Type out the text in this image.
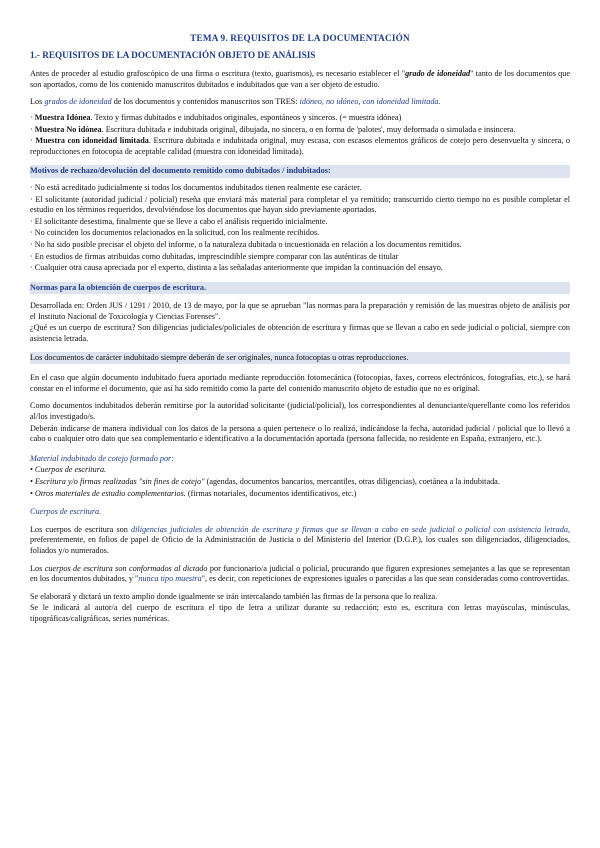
TEMA 9. REQUISITOS DE LA DOCUMENTACIÓN
1.- REQUISITOS DE LA DOCUMENTACIÓN OBJETO DE ANÁLISIS

Antes de proceder al estudio grafoscópico de una firma o escritura (texto, guarismos), es necesario establecer el "grado de idoneidad" tanto de los documentos que son aportados, como de los contenido manuscritos dubitados e indubitados que van a ser objeto de estudio.

Los grados de idoneidad de los documentos y contenidos manuscritos son TRES: idóneo, no idóneo, con idoneidad limitada.

· Muestra Idónea. Texto y firmas dubitados e indubitados originales, espontáneos y sinceros. (= muestra idónea)

· Muestra No idónea. Escritura dubitada e indubitada original, dibujada, no sincera, o en forma de 'palotes', muy deformada o simulada e insincera.

· Muestra con idoneidad limitada. Escritura dubitada e indubitada original, muy escasa, con escasos elementos gráficos de cotejo pero desenvuelta y sincera, o reproducciones en fotocopia de aceptable calidad (muestra con idoneidad limitada).

Motivos de rechazo/devolución del documento remitido como dubitados / indubitados:

· No está acreditado judicialmente si todos los documentos indubitados tienen realmente ese carácter.

· El solicitante (autoridad judicial / policial) reseña que enviará más material para completar el ya remitido; transcurrido cierto tiempo no es posible completar el estudio en los términos requeridos, devolviéndose los documentos que hayan sido previamente aportados.

· El solicitante desestima, finalmente que se lleve a cabo el análisis requerido inicialmente.

· No coinciden los documentos relacionados en la solicitud, con los realmente recibidos.

· No ha sido posible precisar el objeto del informe, o la naturaleza dubitada o incuestionada en relación a los documentos remitidos.

· En estudios de firmas atribuidas como dubitadas, imprescindible siempre comparar con las auténticas de titular

· Cualquier otra causa apreciada por el experto, distinta a las señaladas anteriormente que impidan la continuación del ensayo.

Normas para la obtención de cuerpos de escritura.

Desarrollada en: Orden JUS / 1291 / 2010, de 13 de mayo, por la que se aprueban "las normas para la preparación y remisión de las muestras objeto de análisis por el Instituto Nacional de Toxicología y Ciencias Forenses".

¿Qué es un cuerpo de escritura? Son diligencias judiciales/policiales de obtención de escritura y firmas que se llevan a cabo en sede judicial o policial, siempre con asistencia letrada.

Los documentos de carácter indubitado siempre deberán de ser originales, nunca fotocopias u otras reproducciones.

En el caso que algún documento indubitado fuera aportado mediante reproducción fotomecánica (fotocopias, faxes, correos electrónicos, fotografías, etc.), se hará constar en el informe el documento, que así ha sido remitido como la parte del contenido manuscrito objeto de estudio que no es original.

Como documentos indubitados deberán remitirse por la autoridad solicitante (judicial/policial), los correspondientes al denunciante/querellante como los referidos al/los investigado/s.

Deberán indicarse de manera individual con los datos de la persona a quien pertenece o lo realizó, indicándose la fecha, autoridad judicial / policial que lo llevó a cabo o cualquier otro dato que sea complementario e identificativo a la documentación aportada (persona fallecida, no residente en España, extranjero, etc.).

Material indubitado de cotejo formado por:

• Cuerpos de escritura.

• Escritura y/o firmas realizadas "sin fines de cotejo" (agendas, documentos bancarios, mercantiles, otras diligencias), coetánea a la indubitada.

• Otros materiales de estudio complementarios. (firmas notariales, documentos identificativos, etc.)

Cuerpos de escritura.

Los cuerpos de escritura son diligencias judiciales de obtención de escritura y firmas que se llevan a cabo en sede judicial o policial con asistencia letrada, preferentemente, en folios de papel de Oficio de la Administración de Justicia o del Ministerio del Interior (D.G.P.), los cuales son diligenciados, diligenciados, foliados y/o numerados.

Los cuerpos de escritura son conformados al dictado por funcionario/a judicial o policial, procurando que figuren expresiones semejantes a las que se representan en los documentos dubitados, y "nunca tipo muestra", es decir, con repeticiones de expresiones iguales o parecidas a las que sean consideradas como controvertidas.

Se elaborará y dictará un texto amplio donde igualmente se irán intercalando también las firmas de la persona que lo realiza.

Se le indicará al autor/a del cuerpo de escritura el tipo de letra a utilizar durante su redacción; esto es, escritura con letras mayúsculas, minúsculas, tipográficas/caligráficas, series numéricas.
